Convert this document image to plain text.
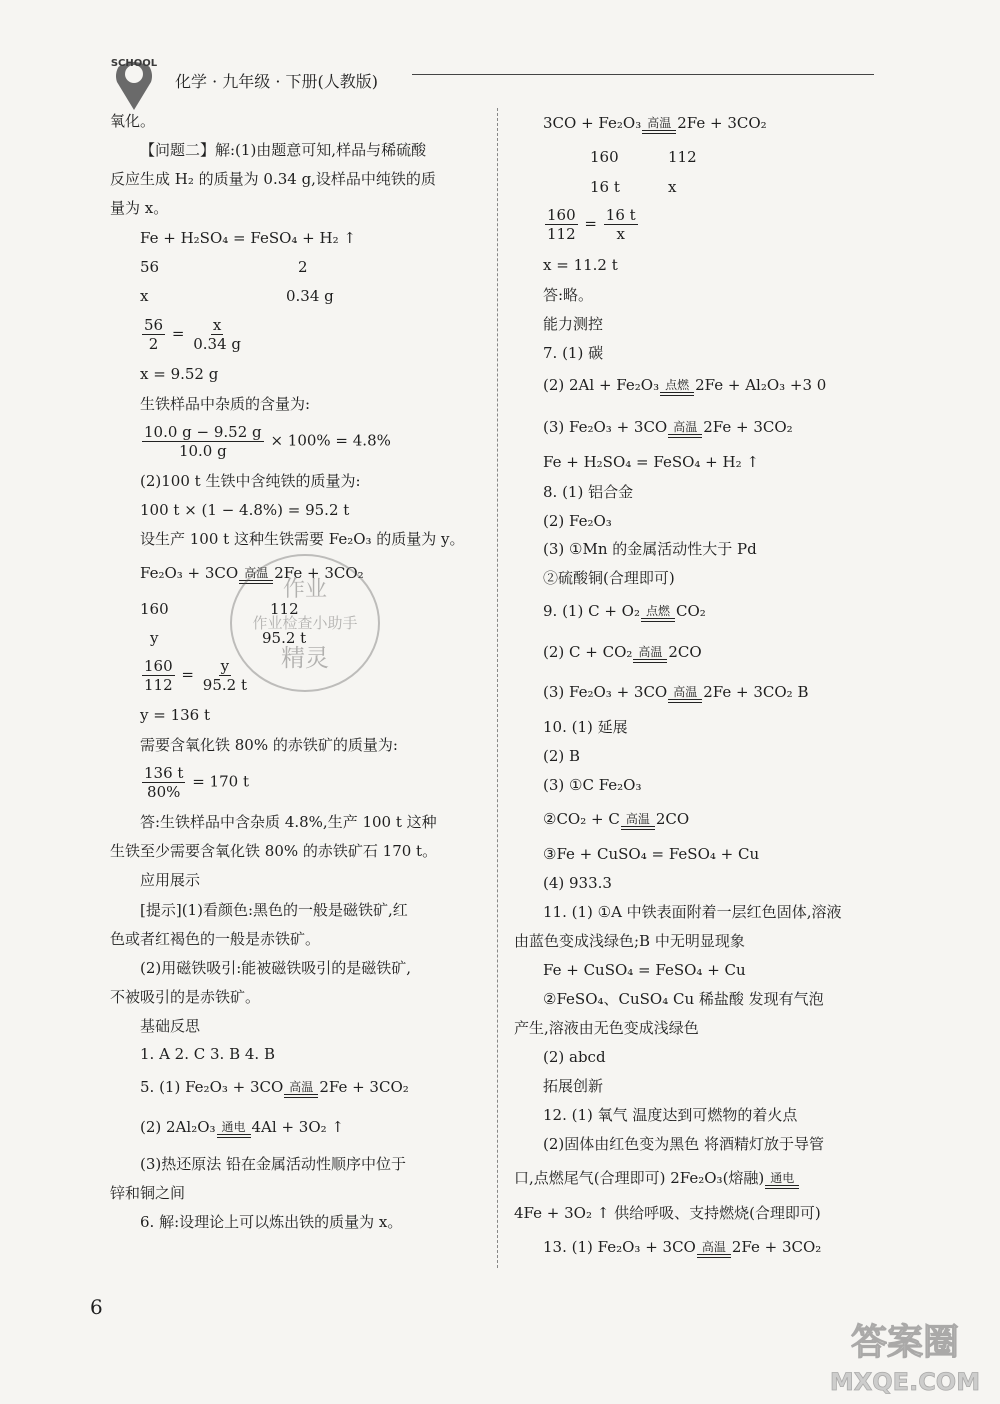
SCHOOL
化学 · 九年级 · 下册(人教版)
氧化。
【问题二】解:(1)由题意可知,样品与稀硫酸
反应生成 H₂ 的质量为 0.34 g,设样品中纯铁的质
量为 x。
Fe + H₂SO₄ = FeSO₄ + H₂ ↑
56	2
x	0.34 g
$\frac{56}{2} = \frac{x}{0.34 g}$
x = 9.52 g
生铁样品中杂质的含量为:
$\frac{10.0 g - 9.52 g}{10.0 g} \times 100\% = 4.8\%$
(2)100 t 生铁中含纯铁的质量为:
100 t × (1 − 4.8%) = 95.2 t
设生产 100 t 这种生铁需要 Fe₂O₃ 的质量为 y。
Fe₂O₃ + 3CO 高温 2Fe + 3CO₂
160	112
y	95.2 t
$\frac{160}{112} = \frac{y}{95.2 t}$
y = 136 t
需要含氧化铁 80% 的赤铁矿的质量为:
$\frac{136 t}{80\%} = 170$ t
答:生铁样品中含杂质 4.8%,生产 100 t 这种
生铁至少需要含氧化铁 80% 的赤铁矿石 170 t。
应用展示
[提示](1)看颜色:黑色的一般是磁铁矿,红
色或者红褐色的一般是赤铁矿。
(2)用磁铁吸引:能被磁铁吸引的是磁铁矿,
不被吸引的是赤铁矿。
基础反思
1. A 2. C 3. B 4. B
5. (1) Fe₂O₃ + 3CO 高温 2Fe + 3CO₂
(2) 2Al₂O₃ 通电 4Al + 3O₂ ↑
(3)热还原法 铅在金属活动性顺序中位于
锌和铜之间
6. 解:设理论上可以炼出铁的质量为 x。
3CO + Fe₂O₃ 高温 2Fe + 3CO₂
160	112
16 t	x
$\frac{160}{112} = \frac{16 t}{x}$
x = 11.2 t
答:略。
能力测控
7. (1) 碳
(2) 2Al + Fe₂O₃ 点燃 2Fe + Al₂O₃ +3 0
(3) Fe₂O₃ + 3CO 高温 2Fe + 3CO₂
Fe + H₂SO₄ = FeSO₄ + H₂ ↑
8. (1) 铝合金
(2) Fe₂O₃
(3) ①Mn 的金属活动性大于 Pd
②硫酸铜(合理即可)
9. (1) C + O₂ 点燃 CO₂
(2) C + CO₂ 高温 2CO
(3) Fe₂O₃ + 3CO 高温 2Fe + 3CO₂ B
10. (1) 延展
(2) B
(3) ①C Fe₂O₃
②CO₂ + C 高温 2CO
③Fe + CuSO₄ = FeSO₄ + Cu
(4) 933.3
11. (1) ①A 中铁表面附着一层红色固体,溶液
由蓝色变成浅绿色;B 中无明显现象
Fe + CuSO₄ = FeSO₄ + Cu
②FeSO₄、CuSO₄ Cu 稀盐酸 发现有气泡
产生,溶液由无色变成浅绿色
(2) abcd
拓展创新
12. (1) 氧气 温度达到可燃物的着火点
(2)固体由红色变为黑色 将酒精灯放于导管
口,点燃尾气(合理即可) 2Fe₂O₃(熔融) 通电
4Fe + 3O₂ ↑ 供给呼吸、支持燃烧(合理即可)
13. (1) Fe₂O₃ + 3CO 高温 2Fe + 3CO₂
作业
作业检查小助手
精灵
6
答案圈
MXQE.COM
